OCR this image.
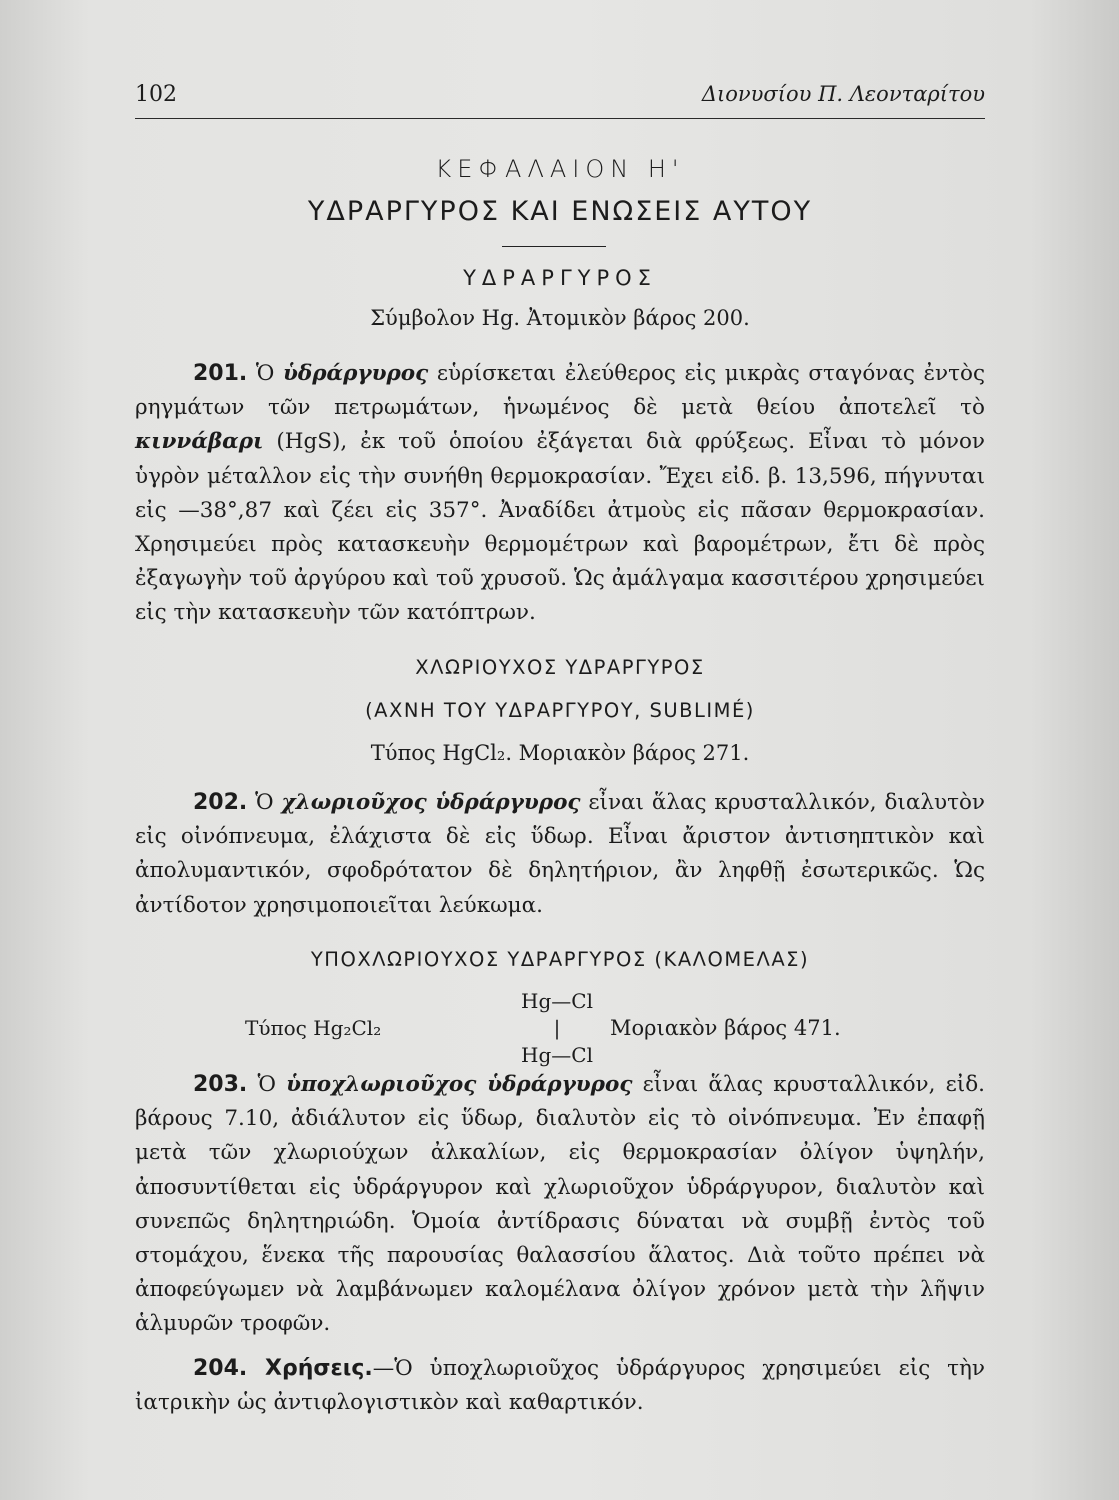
102	Διονυσίου Π. Λεονταρίτου
ΚΕΦΑΛΑΙΟΝ Η'
ΥΔΡΑΡΓΥΡΟΣ ΚΑΙ ΕΝΩΣΕΙΣ ΑΥΤΟΥ
ΥΔΡΑΡΓΥΡΟΣ
Σύμβολον Hg. Ἀτομικὸν βάρος 200.
201. Ὁ ὑδράργυρος εὑρίσκεται ἐλεύθερος εἰς μικρὰς σταγόνας ἐντὸς ρηγμάτων τῶν πετρωμάτων, ἡνωμένος δὲ μετὰ θείου ἀποτελεῖ τὸ κιννάβαρι (HgS), ἐκ τοῦ ὁποίου ἐξάγεται διὰ φρύξεως. Εἶναι τὸ μόνον ὑγρὸν μέταλλον εἰς τὴν συνήθη θερμοκρασίαν. Ἔχει εἰδ. β. 13,596, πήγνυται εἰς —38°,87 καὶ ζέει εἰς 357°. Ἀναδίδει ἀτμοὺς εἰς πᾶσαν θερμοκρασίαν. Χρησιμεύει πρὸς κατασκευὴν θερμομέτρων καὶ βαρομέτρων, ἔτι δὲ πρὸς ἐξαγωγὴν τοῦ ἀργύρου καὶ τοῦ χρυσοῦ. Ὡς ἀμάλγαμα κασσιτέρου χρησιμεύει εἰς τὴν κατασκευὴν τῶν κατόπτρων.
ΧΛΩΡΙΟΥΧΟΣ ΥΔΡΑΡΓΥΡΟΣ
(ΑΧΝΗ ΤΟΥ ΥΔΡΑΡΓΥΡΟΥ, SUBLIMÉ)
Τύπος HgCl₂. Μοριακὸν βάρος 271.
202. Ὁ χλωριοῦχος ὑδράργυρος εἶναι ἅλας κρυσταλλικόν, διαλυτὸν εἰς οἰνόπνευμα, ἐλάχιστα δὲ εἰς ὕδωρ. Εἶναι ἄριστον ἀντισηπτικὸν καὶ ἀπολυμαντικόν, σφοδρότατον δὲ δηλητήριον, ἂν ληφθῇ ἐσωτερικῶς. Ὡς ἀντίδοτον χρησιμοποιεῖται λεύκωμα.
ΥΠΟΧΛΩΡΙΟΥΧΟΣ ΥΔΡΑΡΓΥΡΟΣ (ΚΑΛΟΜΕΛΑΣ)
Τύπος Hg₂Cl₂
Hg—Cl
|
Hg—Cl
Μοριακὸν βάρος 471.
203. Ὁ ὑποχλωριοῦχος ὑδράργυρος εἶναι ἅλας κρυσταλλικόν, εἰδ. βάρους 7.10, ἀδιάλυτον εἰς ὕδωρ, διαλυτὸν εἰς τὸ οἰνόπνευμα. Ἐν ἐπαφῇ μετὰ τῶν χλωριούχων ἀλκαλίων, εἰς θερμοκρασίαν ὀλίγον ὑψηλήν, ἀποσυντίθεται εἰς ὑδράργυρον καὶ χλωριοῦχον ὑδράργυρον, διαλυτὸν καὶ συνεπῶς δηλητηριώδη. Ὁμοία ἀντίδρασις δύναται νὰ συμβῇ ἐντὸς τοῦ στομάχου, ἕνεκα τῆς παρουσίας θαλασσίου ἅλατος. Διὰ τοῦτο πρέπει νὰ ἀποφεύγωμεν νὰ λαμβάνωμεν καλομέλανα ὀλίγον χρόνον μετὰ τὴν λῆψιν ἁλμυρῶν τροφῶν.
204. Χρήσεις.—Ὁ ὑποχλωριοῦχος ὑδράργυρος χρησιμεύει εἰς τὴν ἰατρικὴν ὡς ἀντιφλογιστικὸν καὶ καθαρτικόν.
